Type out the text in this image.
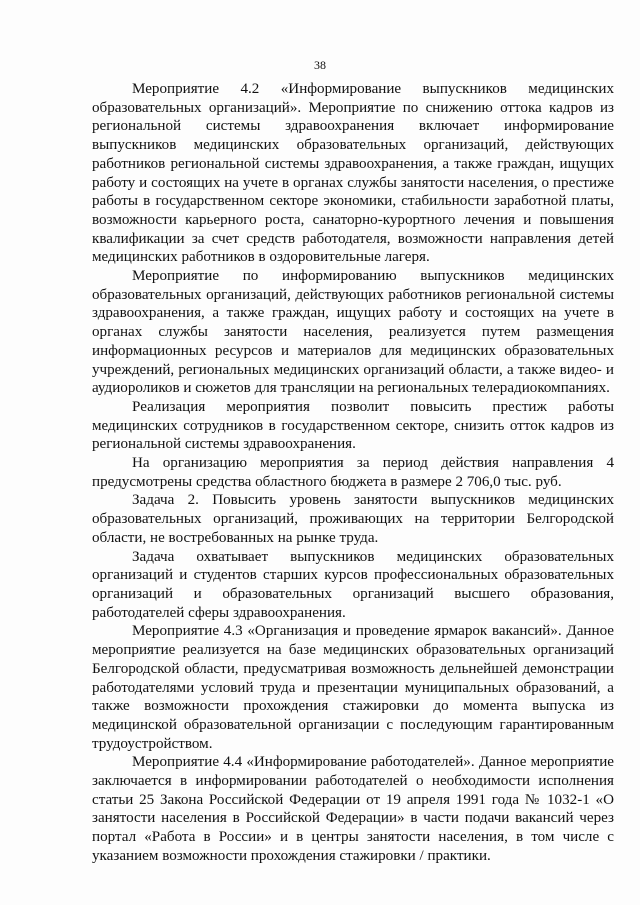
38

Мероприятие 4.2 «Информирование выпускников медицинских образовательных организаций». Мероприятие по снижению оттока кадров из региональной системы здравоохранения включает информирование выпускников медицинских образовательных организаций, действующих работников региональной системы здравоохранения, а также граждан, ищущих работу и состоящих на учете в органах службы занятости населения, о престиже работы в государственном секторе экономики, стабильности заработной платы, возможности карьерного роста, санаторно-курортного лечения и повышения квалификации за счет средств работодателя, возможности направления детей медицинских работников в оздоровительные лагеря.

Мероприятие по информированию выпускников медицинских образовательных организаций, действующих работников региональной системы здравоохранения, а также граждан, ищущих работу и состоящих на учете в органах службы занятости населения, реализуется путем размещения информационных ресурсов и материалов для медицинских образовательных учреждений, региональных медицинских организаций области, а также видео- и аудиороликов и сюжетов для трансляции на региональных телерадиокомпаниях.

Реализация мероприятия позволит повысить престиж работы медицинских сотрудников в государственном секторе, снизить отток кадров из региональной системы здравоохранения.

На организацию мероприятия за период действия направления 4 предусмотрены средства областного бюджета в размере 2 706,0 тыс. руб.

Задача 2. Повысить уровень занятости выпускников медицинских образовательных организаций, проживающих на территории Белгородской области, не востребованных на рынке труда.

Задача охватывает выпускников медицинских образовательных организаций и студентов старших курсов профессиональных образовательных организаций и образовательных организаций высшего образования, работодателей сферы здравоохранения.

Мероприятие 4.3 «Организация и проведение ярмарок вакансий». Данное мероприятие реализуется на базе медицинских образовательных организаций Белгородской области, предусматривая возможность дельнейшей демонстрации работодателями условий труда и презентации муниципальных образований, а также возможности прохождения стажировки до момента выпуска из медицинской образовательной организации с последующим гарантированным трудоустройством.

Мероприятие 4.4 «Информирование работодателей». Данное мероприятие заключается в информировании работодателей о необходимости исполнения статьи 25 Закона Российской Федерации от 19 апреля 1991 года № 1032-1 «О занятости населения в Российской Федерации» в части подачи вакансий через портал «Работа в России» и в центры занятости населения, в том числе с указанием возможности прохождения стажировки / практики.
